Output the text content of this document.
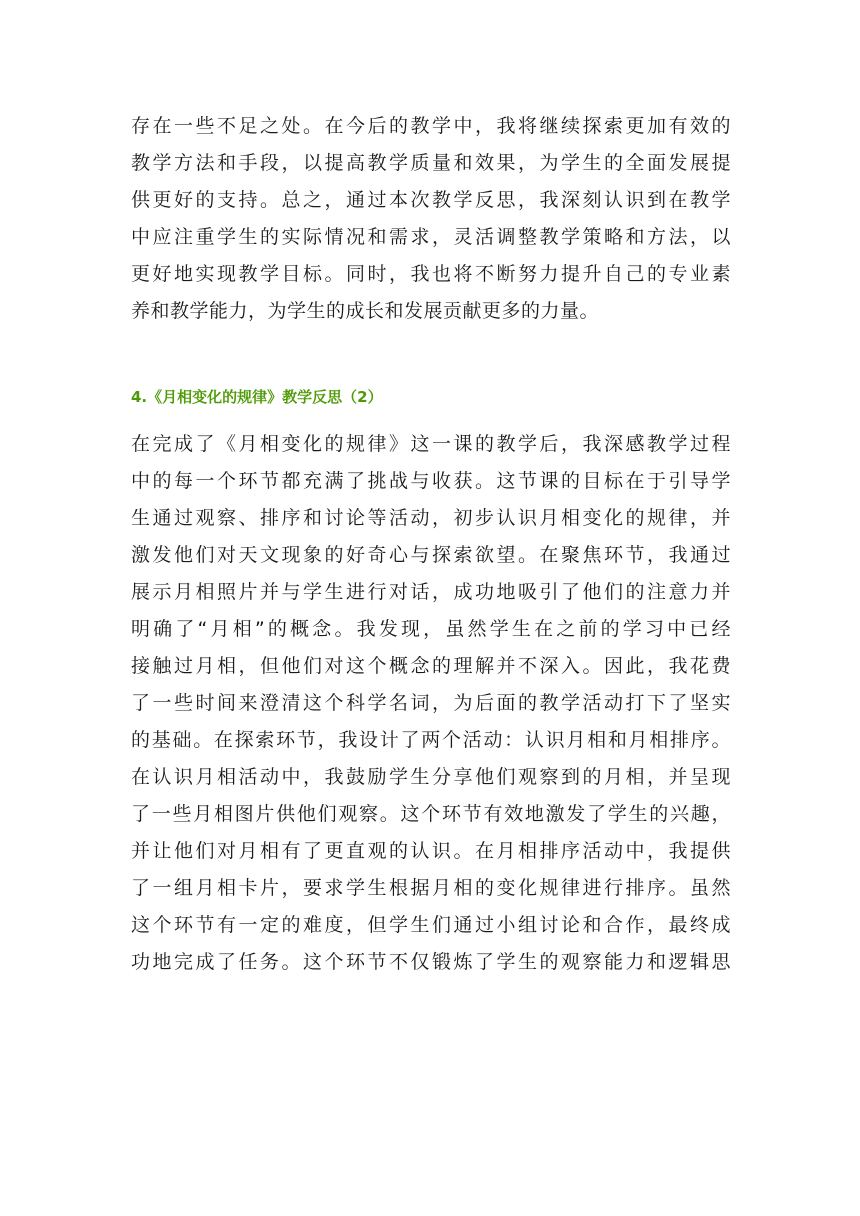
存在一些不足之处。在今后的教学中，我将继续探索更加有效的
教学方法和手段，以提高教学质量和效果，为学生的全面发展提
供更好的支持。总之，通过本次教学反思，我深刻认识到在教学
中应注重学生的实际情况和需求，灵活调整教学策略和方法，以
更好地实现教学目标。同时，我也将不断努力提升自己的专业素
养和教学能力，为学生的成长和发展贡献更多的力量。
4.《月相变化的规律》教学反思（2）
在完成了《月相变化的规律》这一课的教学后，我深感教学过程
中的每一个环节都充满了挑战与收获。这节课的目标在于引导学
生通过观察、排序和讨论等活动，初步认识月相变化的规律，并
激发他们对天文现象的好奇心与探索欲望。在聚焦环节，我通过
展示月相照片并与学生进行对话，成功地吸引了他们的注意力并
明确了“月相”的概念。我发现，虽然学生在之前的学习中已经
接触过月相，但他们对这个概念的理解并不深入。因此，我花费
了一些时间来澄清这个科学名词，为后面的教学活动打下了坚实
的基础。在探索环节，我设计了两个活动：认识月相和月相排序。
在认识月相活动中，我鼓励学生分享他们观察到的月相，并呈现
了一些月相图片供他们观察。这个环节有效地激发了学生的兴趣，
并让他们对月相有了更直观的认识。在月相排序活动中，我提供
了一组月相卡片，要求学生根据月相的变化规律进行排序。虽然
这个环节有一定的难度，但学生们通过小组讨论和合作，最终成
功地完成了任务。这个环节不仅锻炼了学生的观察能力和逻辑思
